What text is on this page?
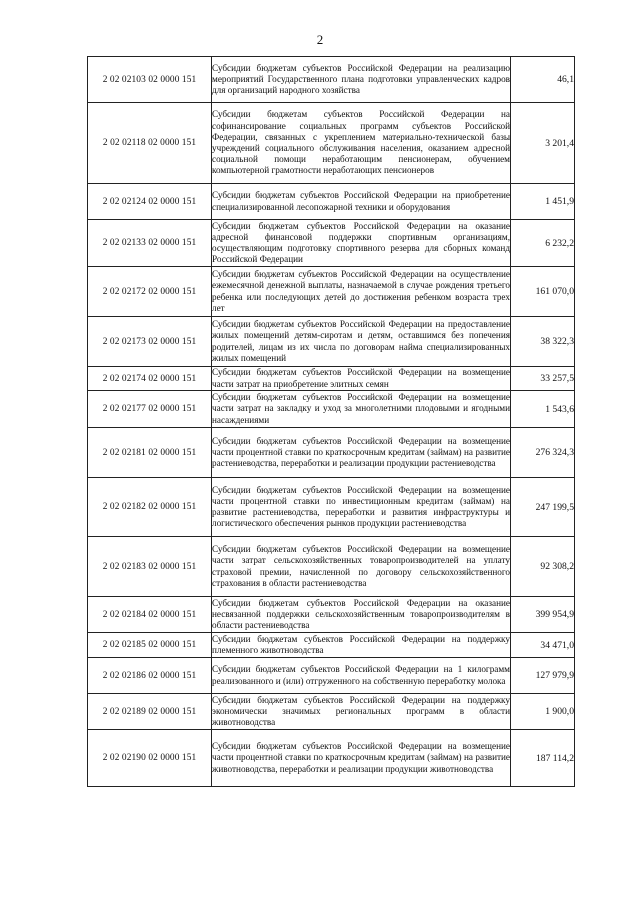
2
2 02 02103 02 0000 151	Субсидии бюджетам субъектов Российской Федерации на реализацию мероприятий Государственного плана подготовки управленческих кадров для организаций народного хозяйства	46,1
2 02 02118 02 0000 151	Субсидии бюджетам субъектов Российской Федерации на софинансирование социальных программ субъектов Российской Федерации, связанных с укреплением материально-технической базы учреждений социального обслуживания населения, оказанием адресной социальной помощи неработающим пенсионерам, обучением компьютерной грамотности неработающих пенсионеров	3 201,4
2 02 02124 02 0000 151	Субсидии бюджетам субъектов Российской Федерации на приобретение специализированной лесопожарной техники и оборудования	1 451,9
2 02 02133 02 0000 151	Субсидии бюджетам субъектов Российской Федерации на оказание адресной финансовой поддержки спортивным организациям, осуществляющим подготовку спортивного резерва для сборных команд Российской Федерации	6 232,2
2 02 02172 02 0000 151	Субсидии бюджетам субъектов Российской Федерации на осуществление ежемесячной денежной выплаты, назначаемой в случае рождения третьего ребенка или последующих детей до достижения ребенком возраста трех лет	161 070,0
2 02 02173 02 0000 151	Субсидии бюджетам субъектов Российской Федерации на предоставление жилых помещений детям-сиротам и детям, оставшимся без попечения родителей, лицам из их числа по договорам найма специализированных жилых помещений	38 322,3
2 02 02174 02 0000 151	Субсидии бюджетам субъектов Российской Федерации на возмещение части затрат на приобретение элитных семян	33 257,5
2 02 02177 02 0000 151	Субсидии бюджетам субъектов Российской Федерации на возмещение части затрат на закладку и уход за многолетними плодовыми и ягодными насаждениями	1 543,6
2 02 02181 02 0000 151	Субсидии бюджетам субъектов Российской Федерации на возмещение части процентной ставки по краткосрочным кредитам (займам) на развитие растениеводства, переработки и реализации продукции растениеводства	276 324,3
2 02 02182 02 0000 151	Субсидии бюджетам субъектов Российской Федерации на возмещение части процентной ставки по инвестиционным кредитам (займам) на развитие растениеводства, переработки и развития инфраструктуры и логистического обеспечения рынков продукции растениеводства	247 199,5
2 02 02183 02 0000 151	Субсидии бюджетам субъектов Российской Федерации на возмещение части затрат сельскохозяйственных товаропроизводителей на уплату страховой премии, начисленной по договору сельскохозяйственного страхования в области растениеводства	92 308,2
2 02 02184 02 0000 151	Субсидии бюджетам субъектов Российской Федерации на оказание несвязанной поддержки сельскохозяйственным товаропроизводителям в области растениеводства	399 954,9
2 02 02185 02 0000 151	Субсидии бюджетам субъектов Российской Федерации на поддержку племенного животноводства	34 471,0
2 02 02186 02 0000 151	Субсидии бюджетам субъектов Российской Федерации на 1 килограмм реализованного и (или) отгруженного на собственную переработку молока	127 979,9
2 02 02189 02 0000 151	Субсидии бюджетам субъектов Российской Федерации на поддержку экономически значимых региональных программ в области животноводства	1 900,0
2 02 02190 02 0000 151	Субсидии бюджетам субъектов Российской Федерации на возмещение части процентной ставки по краткосрочным кредитам (займам) на развитие животноводства, переработки и реализации продукции животноводства	187 114,2
